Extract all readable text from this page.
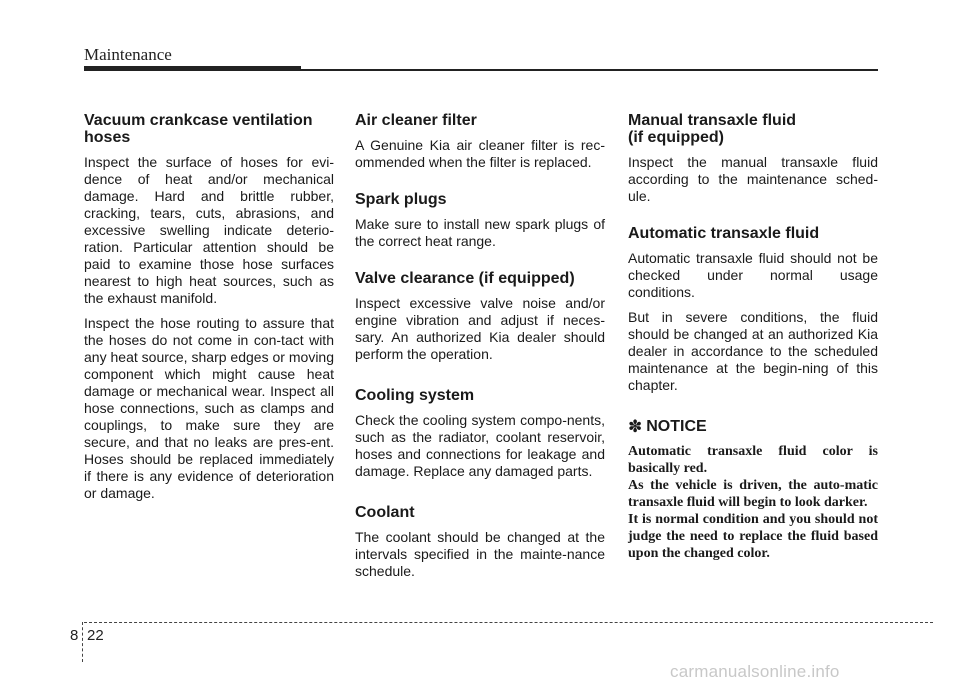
Maintenance
Vacuum crankcase ventilation hoses

Inspect the surface of hoses for evi-dence of heat and/or mechanical damage. Hard and brittle rubber, cracking, tears, cuts, abrasions, and excessive swelling indicate deterio-ration. Particular attention should be paid to examine those hose surfaces nearest to high heat sources, such as the exhaust manifold.

Inspect the hose routing to assure that the hoses do not come in con-tact with any heat source, sharp edges or moving component which might cause heat damage or mechanical wear. Inspect all hose connections, such as clamps and couplings, to make sure they are secure, and that no leaks are pres-ent. Hoses should be replaced immediately if there is any evidence of deterioration or damage.

Air cleaner filter

A Genuine Kia air cleaner filter is rec-ommended when the filter is replaced.

Spark plugs

Make sure to install new spark plugs of the correct heat range.

Valve clearance (if equipped)

Inspect excessive valve noise and/or engine vibration and adjust if neces-sary. An authorized Kia dealer should perform the operation.

Cooling system

Check the cooling system compo-nents, such as the radiator, coolant reservoir, hoses and connections for leakage and damage. Replace any damaged parts.

Coolant

The coolant should be changed at the intervals specified in the mainte-nance schedule.

Manual transaxle fluid
(if equipped)

Inspect the manual transaxle fluid according to the maintenance sched-ule.

Automatic transaxle fluid

Automatic transaxle fluid should not be checked under normal usage conditions.

But in severe conditions, the fluid should be changed at an authorized Kia dealer in accordance to the scheduled maintenance at the begin-ning of this chapter.

✽ NOTICE

Automatic transaxle fluid color is basically red.

As the vehicle is driven, the auto-matic transaxle fluid will begin to look darker.

It is normal condition and you should not judge the need to replace the fluid based upon the changed color.

8 22
carmanualsonline.info
